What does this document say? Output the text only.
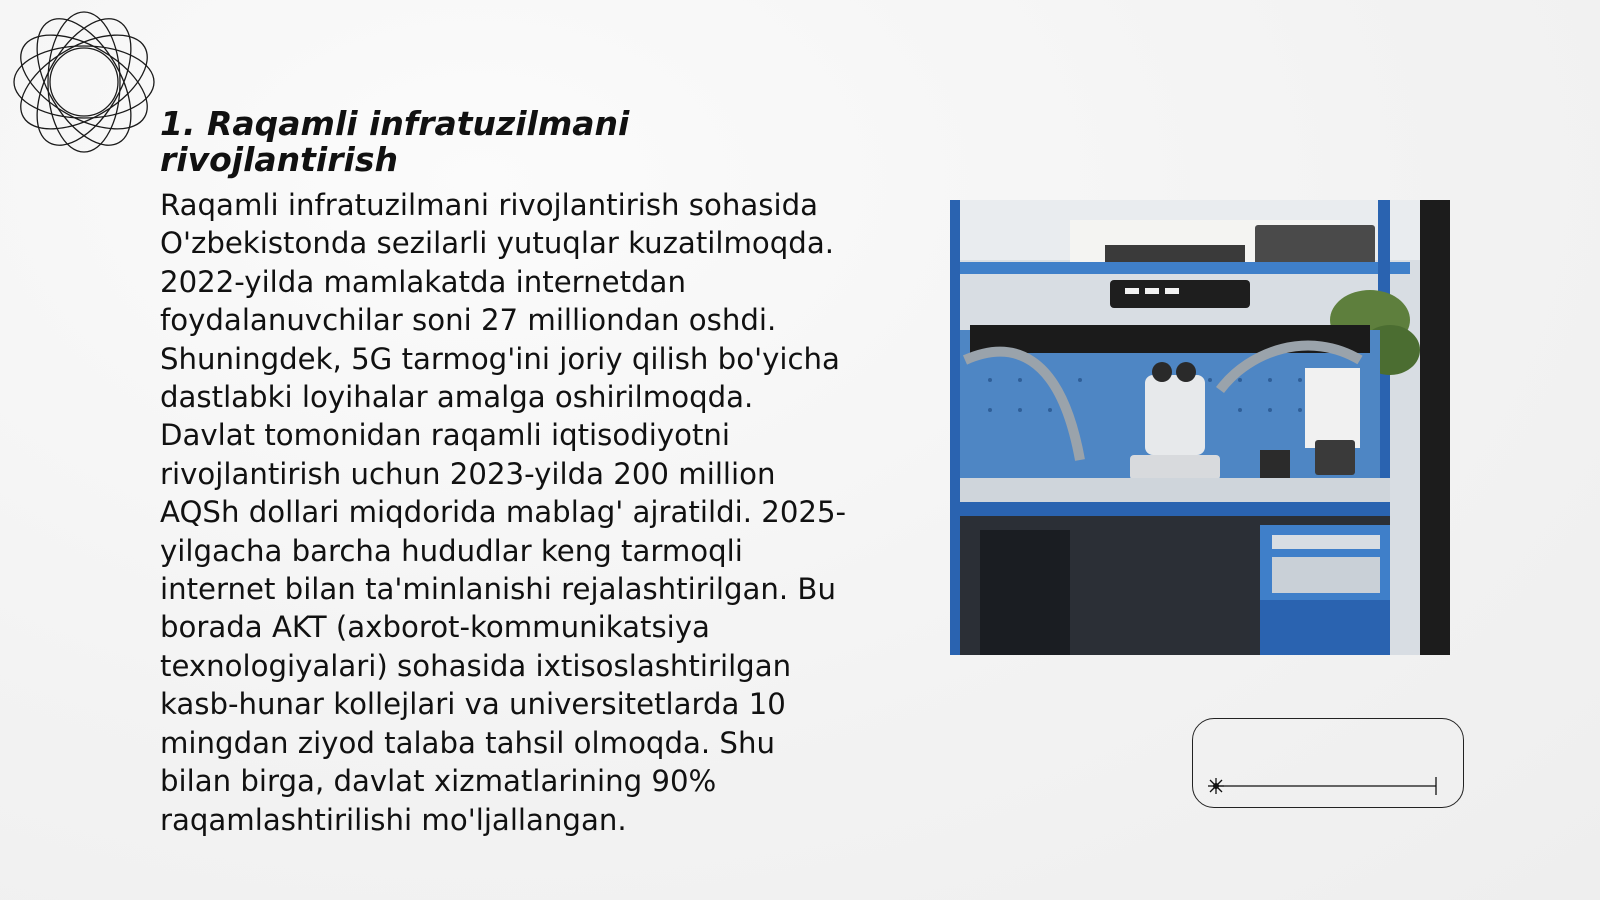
1. Raqamli infratuzilmani rivojlantirish

Raqamli infratuzilmani rivojlantirish sohasida O'zbekistonda sezilarli yutuqlar kuzatilmoqda. 2022-yilda mamlakatda internetdan foydalanuvchilar soni 27 milliondan oshdi. Shuningdek, 5G tarmog'ini joriy qilish bo'yicha dastlabki loyihalar amalga oshirilmoqda. Davlat tomonidan raqamli iqtisodiyotni rivojlantirish uchun 2023-yilda 200 million AQSh dollari miqdorida mablag' ajratildi. 2025-yilgacha barcha hududlar keng tarmoqli internet bilan ta'minlanishi rejalashtirilgan. Bu borada AKT (axborot-kommunikatsiya texnologiyalari) sohasida ixtisoslashtirilgan kasb-hunar kollejlari va universitetlarda 10 mingdan ziyod talaba tahsil olmoqda. Shu bilan birga, davlat xizmatlarining 90% raqamlashtirilishi mo'ljallangan.
